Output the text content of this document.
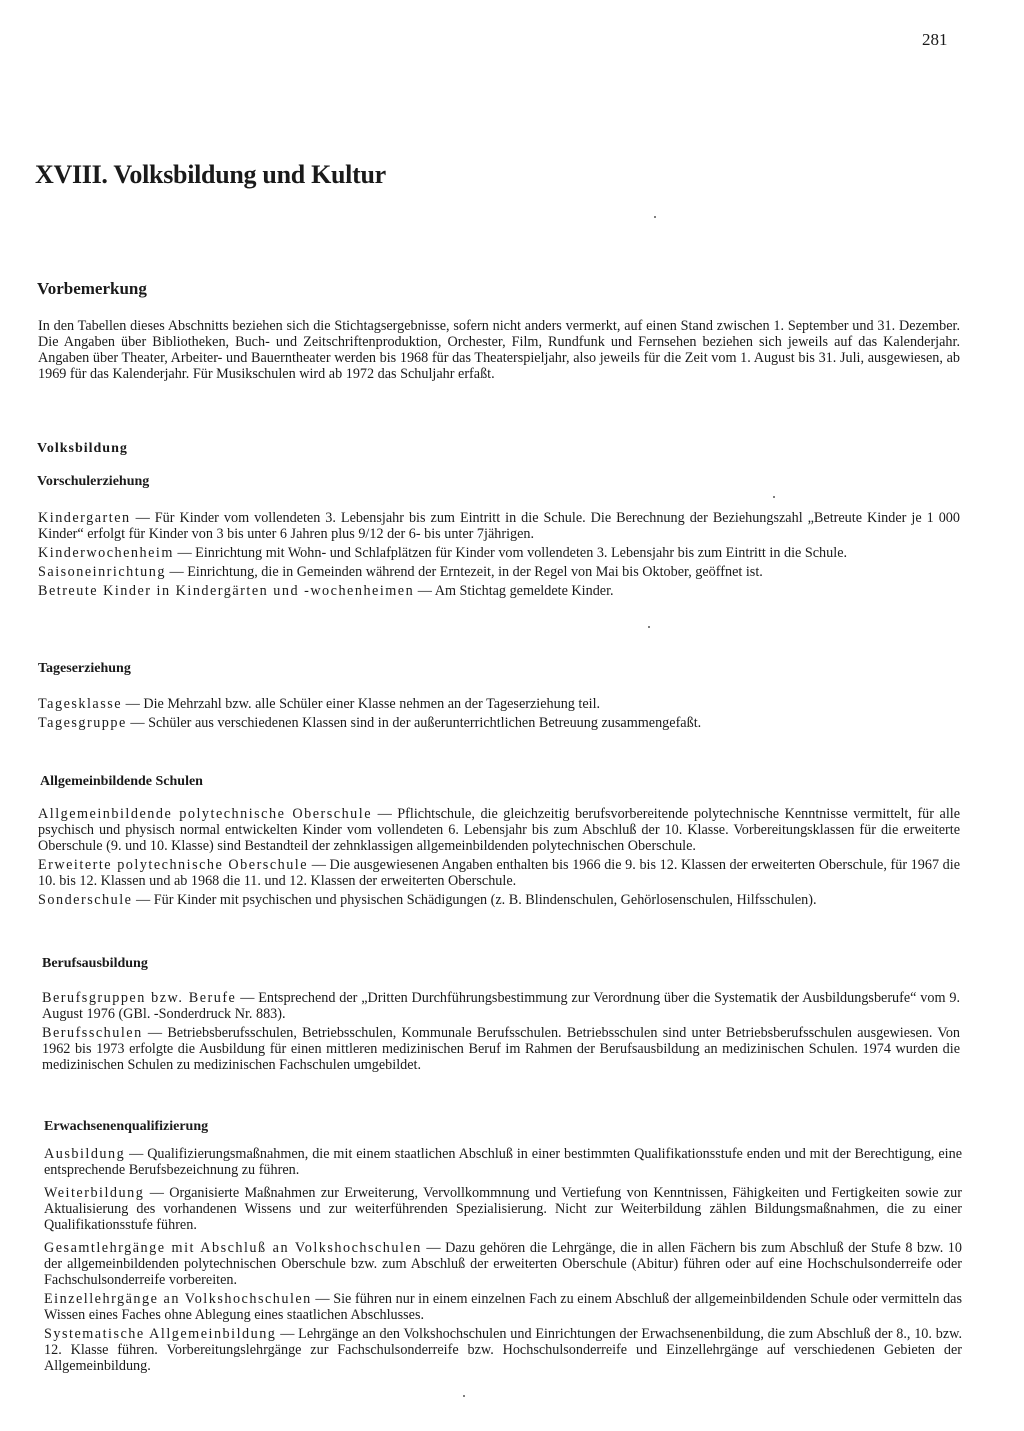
281
XVIII. Volksbildung und Kultur
Vorbemerkung
In den Tabellen dieses Abschnitts beziehen sich die Stichtagsergebnisse, sofern nicht anders vermerkt, auf einen Stand zwischen 1. September und 31. Dezember. Die Angaben über Bibliotheken, Buch- und Zeitschriftenproduktion, Orchester, Film, Rundfunk und Fernsehen beziehen sich jeweils auf das Kalenderjahr. Angaben über Theater, Arbeiter- und Bauerntheater werden bis 1968 für das Theaterspieljahr, also jeweils für die Zeit vom 1. August bis 31. Juli, ausgewiesen, ab 1969 für das Kalenderjahr. Für Musikschulen wird ab 1972 das Schuljahr erfaßt.
Volksbildung
Vorschulerziehung

Kindergarten — Für Kinder vom vollendeten 3. Lebensjahr bis zum Eintritt in die Schule. Die Berechnung der Beziehungszahl „Betreute Kinder je 1 000 Kinder“ erfolgt für Kinder von 3 bis unter 6 Jahren plus 9/12 der 6- bis unter 7jährigen.

Kinderwochenheim — Einrichtung mit Wohn- und Schlafplätzen für Kinder vom vollendeten 3. Lebensjahr bis zum Eintritt in die Schule.

Saisoneinrichtung — Einrichtung, die in Gemeinden während der Erntezeit, in der Regel von Mai bis Oktober, geöffnet ist.

Betreute Kinder in Kindergärten und -wochenheimen — Am Stichtag gemeldete Kinder.

Tageserziehung

Tagesklasse — Die Mehrzahl bzw. alle Schüler einer Klasse nehmen an der Tageserziehung teil.

Tagesgruppe — Schüler aus verschiedenen Klassen sind in der außerunterrichtlichen Betreuung zusammengefaßt.

Allgemeinbildende Schulen

Allgemeinbildende polytechnische Oberschule — Pflichtschule, die gleichzeitig berufsvorbereitende polytechnische Kenntnisse vermittelt, für alle psychisch und physisch normal entwickelten Kinder vom vollendeten 6. Lebensjahr bis zum Abschluß der 10. Klasse. Vorbereitungsklassen für die erweiterte Oberschule (9. und 10. Klasse) sind Bestandteil der zehnklassigen allgemeinbildenden polytechnischen Oberschule.

Erweiterte polytechnische Oberschule — Die ausgewiesenen Angaben enthalten bis 1966 die 9. bis 12. Klassen der erweiterten Oberschule, für 1967 die 10. bis 12. Klassen und ab 1968 die 11. und 12. Klassen der erweiterten Oberschule.

Sonderschule — Für Kinder mit psychischen und physischen Schädigungen (z. B. Blindenschulen, Gehörlosenschulen, Hilfsschulen).

Berufsausbildung

Berufsgruppen bzw. Berufe — Entsprechend der „Dritten Durchführungsbestimmung zur Verordnung über die Systematik der Ausbildungsberufe“ vom 9. August 1976 (GBl. -Sonderdruck Nr. 883).

Berufsschulen — Betriebsberufsschulen, Betriebsschulen, Kommunale Berufsschulen. Betriebsschulen sind unter Betriebsberufsschulen ausgewiesen. Von 1962 bis 1973 erfolgte die Ausbildung für einen mittleren medizinischen Beruf im Rahmen der Berufsausbildung an medizinischen Schulen. 1974 wurden die medizinischen Schulen zu medizinischen Fachschulen umgebildet.

Erwachsenenqualifizierung

Ausbildung — Qualifizierungsmaßnahmen, die mit einem staatlichen Abschluß in einer bestimmten Qualifikationsstufe enden und mit der Berechtigung, eine entsprechende Berufsbezeichnung zu führen.

Weiterbildung — Organisierte Maßnahmen zur Erweiterung, Vervollkommnung und Vertiefung von Kenntnissen, Fähigkeiten und Fertigkeiten sowie zur Aktualisierung des vorhandenen Wissens und zur weiterführenden Spezialisierung. Nicht zur Weiterbildung zählen Bildungsmaßnahmen, die zu einer Qualifikationsstufe führen.

Gesamtlehrgänge mit Abschluß an Volkshochschulen — Dazu gehören die Lehrgänge, die in allen Fächern bis zum Abschluß der Stufe 8 bzw. 10 der allgemeinbildenden polytechnischen Oberschule bzw. zum Abschluß der erweiterten Oberschule (Abitur) führen oder auf eine Hochschulsonderreife oder Fachschulsonderreife vorbereiten.

Einzellehrgänge an Volkshochschulen — Sie führen nur in einem einzelnen Fach zu einem Abschluß der allgemeinbildenden Schule oder vermitteln das Wissen eines Faches ohne Ablegung eines staatlichen Abschlusses.

Systematische Allgemeinbildung — Lehrgänge an den Volkshochschulen und Einrichtungen der Erwachsenenbildung, die zum Abschluß der 8., 10. bzw. 12. Klasse führen. Vorbereitungslehrgänge zur Fachschulsonderreife bzw. Hochschulsonderreife und Einzellehrgänge auf verschiedenen Gebieten der Allgemeinbildung.
